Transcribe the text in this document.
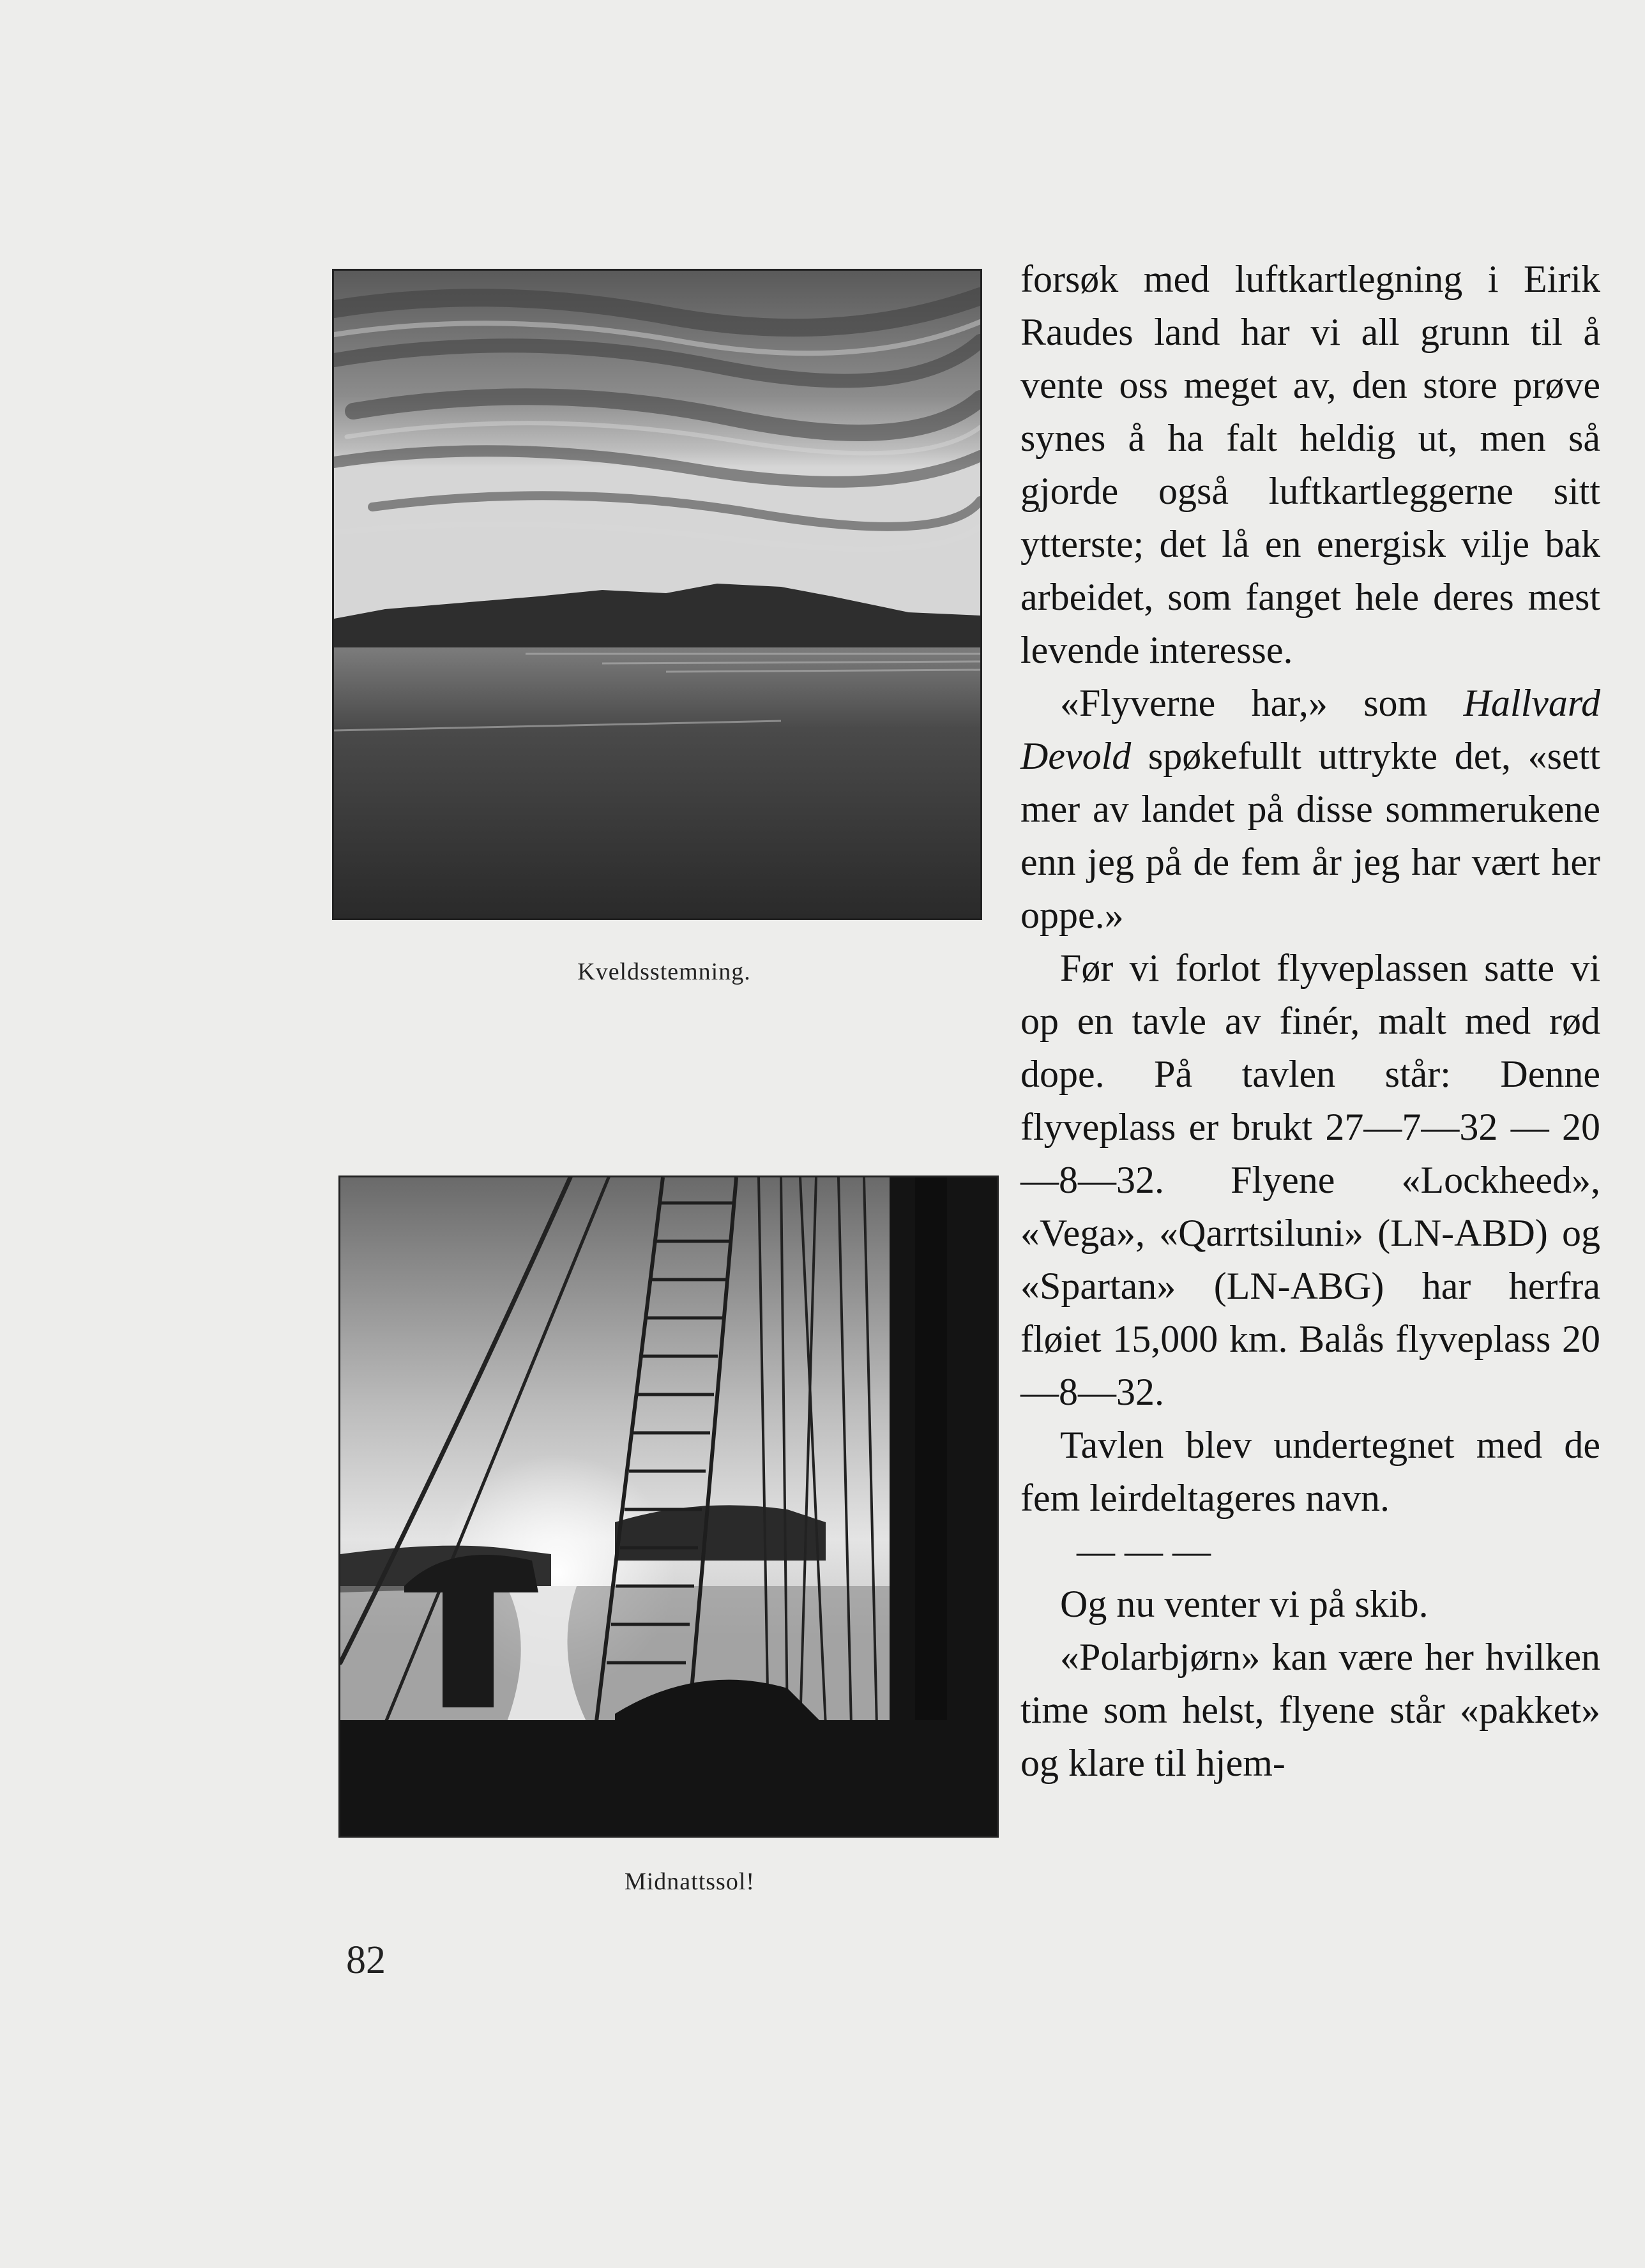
Kveldsstemning.
Midnattssol!
82

forsøk med luftkartlegning i Eirik Raudes land har vi all grunn til å vente oss meget av, den store prøve synes å ha falt heldig ut, men så gjorde også luftkartleggerne sitt ytterste; det lå en energisk vilje bak arbeidet, som fanget hele deres mest levende interesse.

«Flyverne har,» som Hallvard Devold spøkefullt uttrykte det, «sett mer av landet på disse sommerukene enn jeg på de fem år jeg har vært her oppe.»

Før vi forlot flyveplassen satte vi op en tavle av finér, malt med rød dope. På tavlen står: Denne flyveplass er brukt 27—7—32 — 20—8—32. Flyene «Lockheed», «Vega», «Qarrtsiluni» (LN-ABD) og «Spartan» (LN-ABG) har herfra fløiet 15,000 km. Balås flyveplass 20—8—32.

Tavlen blev undertegnet med de fem leirdeltageres navn.

— — —

Og nu venter vi på skib.

«Polarbjørn» kan være her hvilken time som helst, flyene står «pakket» og klare til hjem-
